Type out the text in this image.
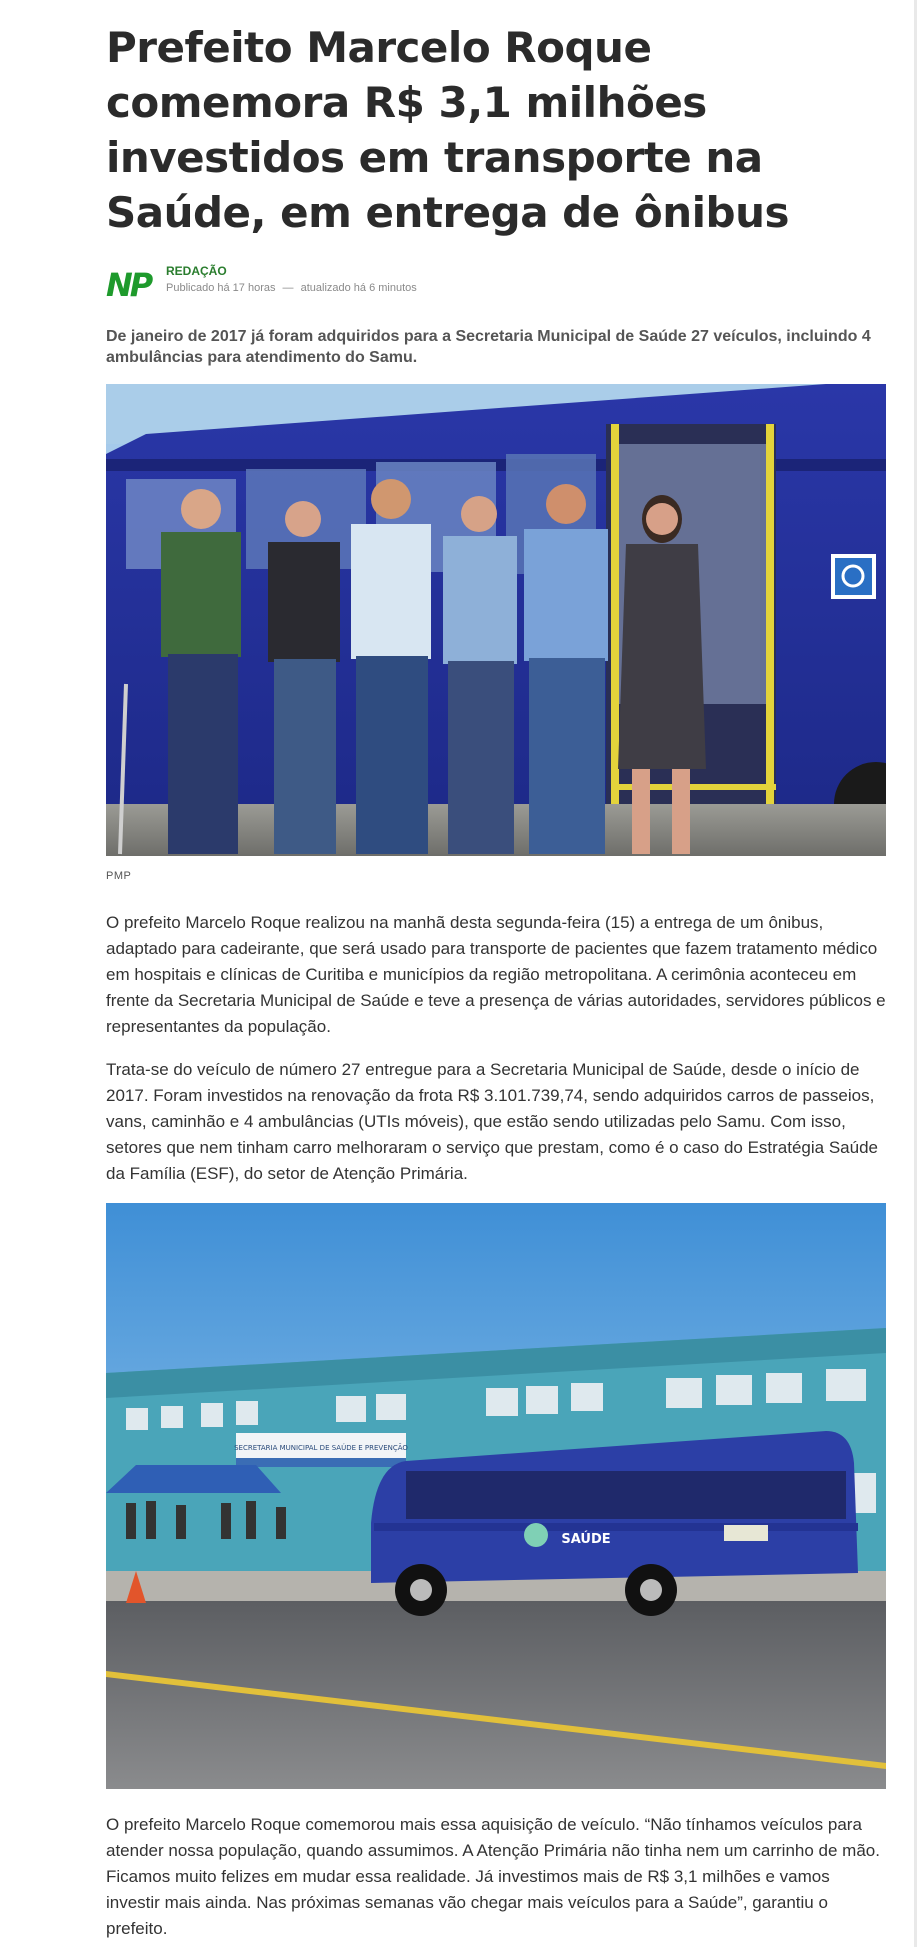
Prefeito Marcelo Roque comemora R$ 3,1 milhões investidos em transporte na Saúde, em entrega de ônibus
NP REDAÇÃO
Publicado há 17 horas — atualizado há 6 minutos

De janeiro de 2017 já foram adquiridos para a Secretaria Municipal de Saúde 27 veículos, incluindo 4 ambulâncias para atendimento do Samu.

PMP

O prefeito Marcelo Roque realizou na manhã desta segunda-feira (15) a entrega de um ônibus, adaptado para cadeirante, que será usado para transporte de pacientes que fazem tratamento médico em hospitais e clínicas de Curitiba e municípios da região metropolitana. A cerimônia aconteceu em frente da Secretaria Municipal de Saúde e teve a presença de várias autoridades, servidores públicos e representantes da população.

Trata-se do veículo de número 27 entregue para a Secretaria Municipal de Saúde, desde o início de 2017. Foram investidos na renovação da frota R$ 3.101.739,74, sendo adquiridos carros de passeios, vans, caminhão e 4 ambulâncias (UTIs móveis), que estão sendo utilizadas pelo Samu. Com isso, setores que nem tinham carro melhoraram o serviço que prestam, como é o caso do Estratégia Saúde da Família (ESF), do setor de Atenção Primária.

SECRETARIA MUNICIPAL DE SAÚDE E PREVENÇÃO
SAÚDE

O prefeito Marcelo Roque comemorou mais essa aquisição de veículo. “Não tínhamos veículos para atender nossa população, quando assumimos. A Atenção Primária não tinha nem um carrinho de mão. Ficamos muito felizes em mudar essa realidade. Já investimos mais de R$ 3,1 milhões e vamos investir mais ainda. Nas próximas semanas vão chegar mais veículos para a Saúde”, garantiu o prefeito.
